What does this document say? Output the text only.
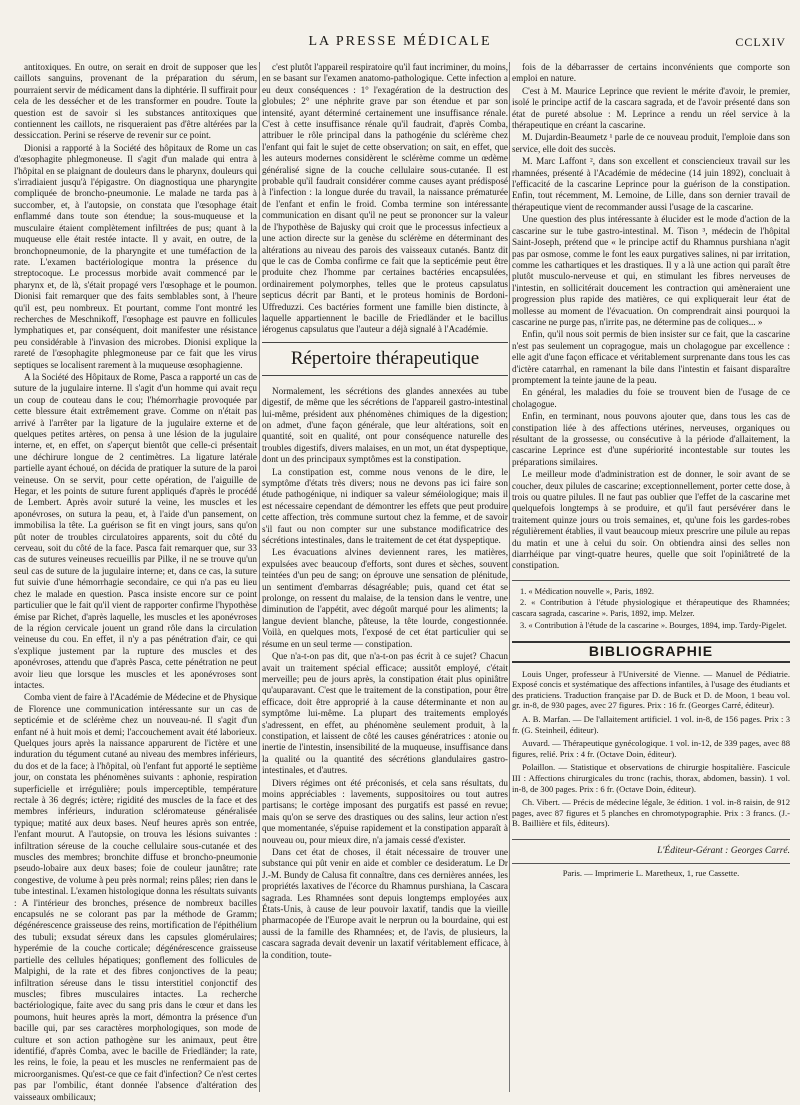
LA PRESSE MÉDICALE	CCLXIV

antitoxiques. En outre, on serait en droit de supposer que les caillots sanguins, provenant de la préparation du sérum, pourraient servir de médicament dans la diphtérie. Il suffirait pour cela de les dessécher et de les transformer en poudre. Toute la question est de savoir si les substances antitoxiques que contiennent les caillots, ne risqueraient pas d'être altérées par la dessiccation. Perini se réserve de revenir sur ce point.

Dionisi a rapporté à la Société des hôpitaux de Rome un cas d'œsophagite phlegmoneuse. Il s'agit d'un malade qui entra à l'hôpital en se plaignant de douleurs dans le pharynx, douleurs qui s'irradiaient jusqu'à l'épigastre. On diagnostiqua une pharyngite compliquée de broncho-pneumonie. Le malade ne tarda pas à succomber, et, à l'autopsie, on constata que l'œsophage était enflammé dans toute son étendue; la sous-muqueuse et la musculaire étaient complètement infiltrées de pus; quant à la muqueuse elle était restée intacte. Il y avait, en outre, de la bronchopneumonie, de la pharyngite et une tuméfaction de la rate. L'examen bactériologique montra la présence du streptocoque. Le processus morbide avait commencé par le pharynx et, de là, s'était propagé vers l'œsophage et le poumon. Dionisi fait remarquer que des faits semblables sont, à l'heure qu'il est, peu nombreux. Et pourtant, comme l'ont montré les recherches de Meschnikoff, l'œsophage est pauvre en follicules lymphatiques et, par conséquent, doit manifester une résistance peu considérable à l'invasion des microbes. Dionisi explique la rareté de l'œsophagite phlegmoneuse par ce fait que les virus septiques se localisent rarement à la muqueuse œsophagienne.

A la Société des Hôpitaux de Rome, Pasca a rapporté un cas de suture de la jugulaire interne. Il s'agit d'un homme qui avait reçu un coup de couteau dans le cou; l'hémorrhagie provoquée par cette blessure était extrêmement grave. Comme on n'était pas arrivé à l'arrêter par la ligature de la jugulaire externe et de quelques petites artères, on pensa à une lésion de la jugulaire interne, et, en effet, on s'aperçut bientôt que celle-ci présentait une déchirure longue de 2 centimètres. La ligature latérale partielle ayant échoué, on décida de pratiquer la suture de la paroi veineuse. On se servit, pour cette opération, de l'aiguille de Hegar, et les points de suture furent appliqués d'après le procédé de Lembert. Après avoir suturé la veine, les muscles et les aponévroses, on sutura la peau, et, à l'aide d'un pansement, on immobilisa la tête. La guérison se fit en vingt jours, sans qu'on pût noter de troubles circulatoires apparents, soit du côté du cerveau, soit du côté de la face. Pasca fait remarquer que, sur 33 cas de sutures veineuses recueillis par Pilke, il ne se trouve qu'un seul cas de suture de la jugulaire interne; et, dans ce cas, la suture fut suivie d'une hémorrhagie secondaire, ce qui n'a pas eu lieu chez le malade en question. Pasca insiste encore sur ce point particulier que le fait qu'il vient de rapporter confirme l'hypothèse émise par Richet, d'après laquelle, les muscles et les aponévroses de la région cervicale jouent un grand rôle dans la circulation veineuse du cou. En effet, il n'y a pas pénétration d'air, ce qui s'explique justement par la rupture des muscles et des aponévroses, attendu que d'après Pasca, cette pénétration ne peut avoir lieu que lorsque les muscles et les aponévroses sont intactes.

Comba vient de faire à l'Académie de Médecine et de Physique de Florence une communication intéressante sur un cas de septicémie et de sclérème chez un nouveau-né. Il s'agit d'un enfant né à huit mois et demi; l'accouchement avait été laborieux. Quelques jours après la naissance apparurent de l'ictère et une induration du tégument cutané au niveau des membres inférieurs, du dos et de la face; à l'hôpital, où l'enfant fut apporté le septième jour, on constata les phénomènes suivants : aphonie, respiration superficielle et irrégulière; pouls imperceptible, température rectale à 36 degrés; ictère; rigidité des muscles de la face et des membres inférieurs, induration scléromateuse généralisée typique; matité aux deux bases. Neuf heures après son entrée, l'enfant mourut. A l'autopsie, on trouva les lésions suivantes : infiltration séreuse de la couche cellulaire sous-cutanée et des muscles des membres; bronchite diffuse et broncho-pneumonie pseudo-lobaire aux deux bases; foie de couleur jaunâtre; rate congestive, de volume à peu près normal; reins pâles; rien dans le tube intestinal. L'examen histologique donna les résultats suivants : A l'intérieur des bronches, présence de nombreux bacilles encapsulés ne se colorant pas par la méthode de Gramm; dégénérescence graisseuse des reins, mortification de l'épithélium des tubuli; exsudat séreux dans les capsules glomérulaires; hyperémie de la couche corticale; dégénérescence graisseuse partielle des cellules hépatiques; gonflement des follicules de Malpighi, de la rate et des fibres conjonctives de la peau; infiltration séreuse dans le tissu interstitiel conjonctif des muscles; fibres musculaires intactes. La recherche bactériologique, faite avec du sang pris dans le cœur et dans les poumons, huit heures après la mort, démontra la présence d'un bacille qui, par ses caractères morphologiques, son mode de culture et son action pathogène sur les animaux, peut être identifié, d'après Comba, avec le bacille de Friedländer; la rate, les reins, le foie, la peau et les muscles ne renfermaient pas de microorganismes. Qu'est-ce que ce fait d'infection? Ce n'est certes pas par l'ombilic, étant donnée l'absence d'altération des vaisseaux ombilicaux;

c'est plutôt l'appareil respiratoire qu'il faut incriminer, du moins, en se basant sur l'examen anatomo-pathologique. Cette infection a eu deux conséquences : 1° l'exagération de la destruction des globules; 2° une néphrite grave par son étendue et par son intensité, ayant déterminé certainement une insuffisance rénale. C'est à cette insuffisance rénale qu'il faudrait, d'après Comba, attribuer le rôle principal dans la pathogénie du sclérème chez l'enfant qui fait le sujet de cette observation; on sait, en effet, que les auteurs modernes considèrent le sclérème comme un œdème généralisé signe de la couche cellulaire sous-cutanée. Il est probable qu'il faudrait considérer comme causes ayant prédisposé à l'infection : la longue durée du travail, la naissance prématurée de l'enfant et enfin le froid. Comba termine son intéressante communication en disant qu'il ne peut se prononcer sur la valeur de l'hypothèse de Bajusky qui croit que le processus infectieux a une action directe sur la genèse du sclérème en déterminant des altérations au niveau des parois des vaisseaux cutanés. Bantz dit que le cas de Comba confirme ce fait que la septicémie peut être produite chez l'homme par certaines bactéries encapsulées, ordinairement polymorphes, telles que le proteus capsulatus septicus décrit par Banti, et le proteus hominis de Bordoni-Uffreduzzi. Ces bactéries forment une famille bien distincte, à laquelle appartiennent le bacille de Friedländer et le bacillus iérogenus capsulatus que l'auteur a déjà signalé à l'Académie.

Répertoire thérapeutique

Normalement, les sécrétions des glandes annexées au tube digestif, de même que les sécrétions de l'appareil gastro-intestinal lui-même, président aux phénomènes chimiques de la digestion; on admet, d'une façon générale, que leur altérations, soit en quantité, soit en qualité, ont pour conséquence naturelle des troubles digestifs, divers malaises, en un mot, un état dyspeptique, dont un des principaux symptômes est la constipation.

La constipation est, comme nous venons de le dire, le symptôme d'états très divers; nous ne devons pas ici faire son étude pathogénique, ni indiquer sa valeur séméiologique; mais il est nécessaire cependant de démontrer les effets que peut produire cette affection, très commune surtout chez la femme, et de savoir s'il faut ou non compter sur une substance modificatrice des sécrétions intestinales, dans le traitement de cet état dyspeptique.

Les évacuations alvines deviennent rares, les matières, expulsées avec beaucoup d'efforts, sont dures et sèches, souvent teintées d'un peu de sang; on éprouve une sensation de plénitude, un sentiment d'embarras désagréable; puis, quand cet état se prolonge, on ressent du malaise, de la tension dans le ventre, une diminution de l'appétit, avec dégoût marqué pour les aliments; la langue devient blanche, pâteuse, la tête lourde, congestionnée. Voilà, en quelques mots, l'exposé de cet état particulier qui se résume en un seul terme — constipation.

Que n'a-t-on pas dit, que n'a-t-on pas écrit à ce sujet? Chacun avait un traitement spécial efficace; aussitôt employé, c'était merveille; peu de jours après, la constipation était plus opiniâtre qu'auparavant. C'est que le traitement de la constipation, pour être efficace, doit être approprié à la cause déterminante et non au symptôme lui-même. La plupart des traitements employés s'adressent, en effet, au phénomène seulement produit, à la constipation, et laissent de côté les causes génératrices : atonie ou inertie de l'intestin, insensibilité de la muqueuse, insuffisance dans la qualité ou la quantité des sécrétions glandulaires gastro-intestinales, et d'autres.

Divers régimes ont été préconisés, et cela sans résultats, du moins appréciables : lavements, suppositoires ou tout autres partisans; le cortège imposant des purgatifs est passé en revue; mais qu'on se serve des drastiques ou des salins, leur action n'est que momentanée, s'épuise rapidement et la constipation apparaît à nouveau ou, pour mieux dire, n'a jamais cessé d'exister.

Dans cet état de choses, il était nécessaire de trouver une substance qui pût venir en aide et combler ce desideratum. Le Dr J.-M. Bundy de Calusa fit connaître, dans ces dernières années, les propriétés laxatives de l'écorce du Rhamnus purshiana, la Cascara sagrada. Les Rhamnées sont depuis longtemps employées aux États-Unis, à cause de leur pouvoir laxatif, tandis que la vieille pharmacopée de l'Europe avait le nerprun ou la bourdaine, qui est aussi de la famille des Rhamnées; et, de l'avis, de plusieurs, la cascara sagrada devait devenir un laxatif véritablement efficace, à la condition, toute-

fois de la débarrasser de certains inconvénients que comporte son emploi en nature.

C'est à M. Maurice Leprince que revient le mérite d'avoir, le premier, isolé le principe actif de la cascara sagrada, et de l'avoir présenté dans son état de pureté absolue : M. Leprince a rendu un réel service à la thérapeutique en créant la cascarine.

M. Dujardin-Beaumetz ¹ parle de ce nouveau produit, l'emploie dans son service, elle doit des succès.

M. Marc Laffont ², dans son excellent et consciencieux travail sur les rhamnées, présenté à l'Académie de médecine (14 juin 1892), concluait à l'efficacité de la cascarine Leprince pour la guérison de la constipation. Enfin, tout récemment, M. Lemoine, de Lille, dans son dernier travail de thérapeutique vient de recommander aussi l'usage de la cascarine.

Une question des plus intéressante à élucider est le mode d'action de la cascarine sur le tube gastro-intestinal. M. Tison ³, médecin de l'hôpital Saint-Joseph, prétend que « le principe actif du Rhamnus purshiana n'agit pas par osmose, comme le font les eaux purgatives salines, ni par irritation, comme les cathartiques et les drastiques. Il y a là une action qui paraît être plutôt musculo-nerveuse et qui, en stimulant les fibres nerveuses de l'intestin, en sollicitérait doucement les contraction qui amèneraient une progression plus rapide des matières, ce qui expliquerait leur état de mollesse au moment de l'évacuation. On comprendrait ainsi pourquoi la cascarine ne purge pas, n'irrite pas, ne détermine pas de coliques... »

Enfin, qu'il nous soit permis de bien insister sur ce fait, que la cascarine n'est pas seulement un copragogue, mais un cholagogue par excellence : elle agit d'une façon efficace et véritablement surprenante dans tous les cas d'ictère catarrhal, en ramenant la bile dans l'intestin et faisant disparaître promptement la teinte jaune de la peau.

En général, les maladies du foie se trouvent bien de l'usage de ce cholagogue.

Enfin, en terminant, nous pouvons ajouter que, dans tous les cas de constipation liée à des affections utérines, nerveuses, organiques ou résultant de la grossesse, ou consécutive à la période d'allaitement, la cascarine Leprince est d'une supériorité incontestable sur toutes les préparations similaires.

Le meilleur mode d'administration est de donner, le soir avant de se coucher, deux pilules de cascarine; exceptionnellement, porter cette dose, à trois ou quatre pilules. Il ne faut pas oublier que l'effet de la cascarine met quelquefois longtemps à se produire, et qu'il faut persévérer dans le traitement quinze jours ou trois semaines, et, qu'une fois les gardes-robes régulièrement établies, il vaut beaucoup mieux prescrire une pilule au repas du matin et une à celui du soir. On obtiendra ainsi des selles non diarrhéique par vingt-quatre heures, quelle que soit l'opiniâtreté de la constipation.

1. « Médication nouvelle », Paris, 1892.

2. « Contribution à l'étude physiologique et thérapeutique des Rhamnées; cascara sagrada, cascarine ». Paris, 1892, imp. Melzer.

3. « Contribution à l'étude de la cascarine ». Bourges, 1894, imp. Tardy-Pigelet.

BIBLIOGRAPHIE

Louis Unger, professeur à l'Université de Vienne. — Manuel de Pédiatrie. Exposé concis et systématique des affections infantiles, à l'usage des étudiants et des praticiens. Traduction française par D. de Buck et D. de Moon, 1 beau vol. gr. in-8, de 930 pages, avec 27 figures. Prix : 16 fr. (Georges Carré, éditeur).

A. B. Marfan. — De l'allaitement artificiel. 1 vol. in-8, de 156 pages. Prix : 3 fr. (G. Steinheil, éditeur).

Auvard. — Thérapeutique gynécologique. 1 vol. in-12, de 339 pages, avec 88 figures, relié. Prix : 4 fr. (Octave Doin, éditeur).

Polaillon. — Statistique et observations de chirurgie hospitalière. Fascicule III : Affections chirurgicales du tronc (rachis, thorax, abdomen, bassin). 1 vol. in-8, de 300 pages. Prix : 6 fr. (Octave Doin, éditeur).

Ch. Vibert. — Précis de médecine légale, 3e édition. 1 vol. in-8 raisin, de 912 pages, avec 87 figures et 5 planches en chromotypographie. Prix : 3 francs. (J.-B. Baillière et fils, éditeurs).

L'Éditeur-Gérant : Georges Carré.
Paris. — Imprimerie L. Maretheux, 1, rue Cassette.
